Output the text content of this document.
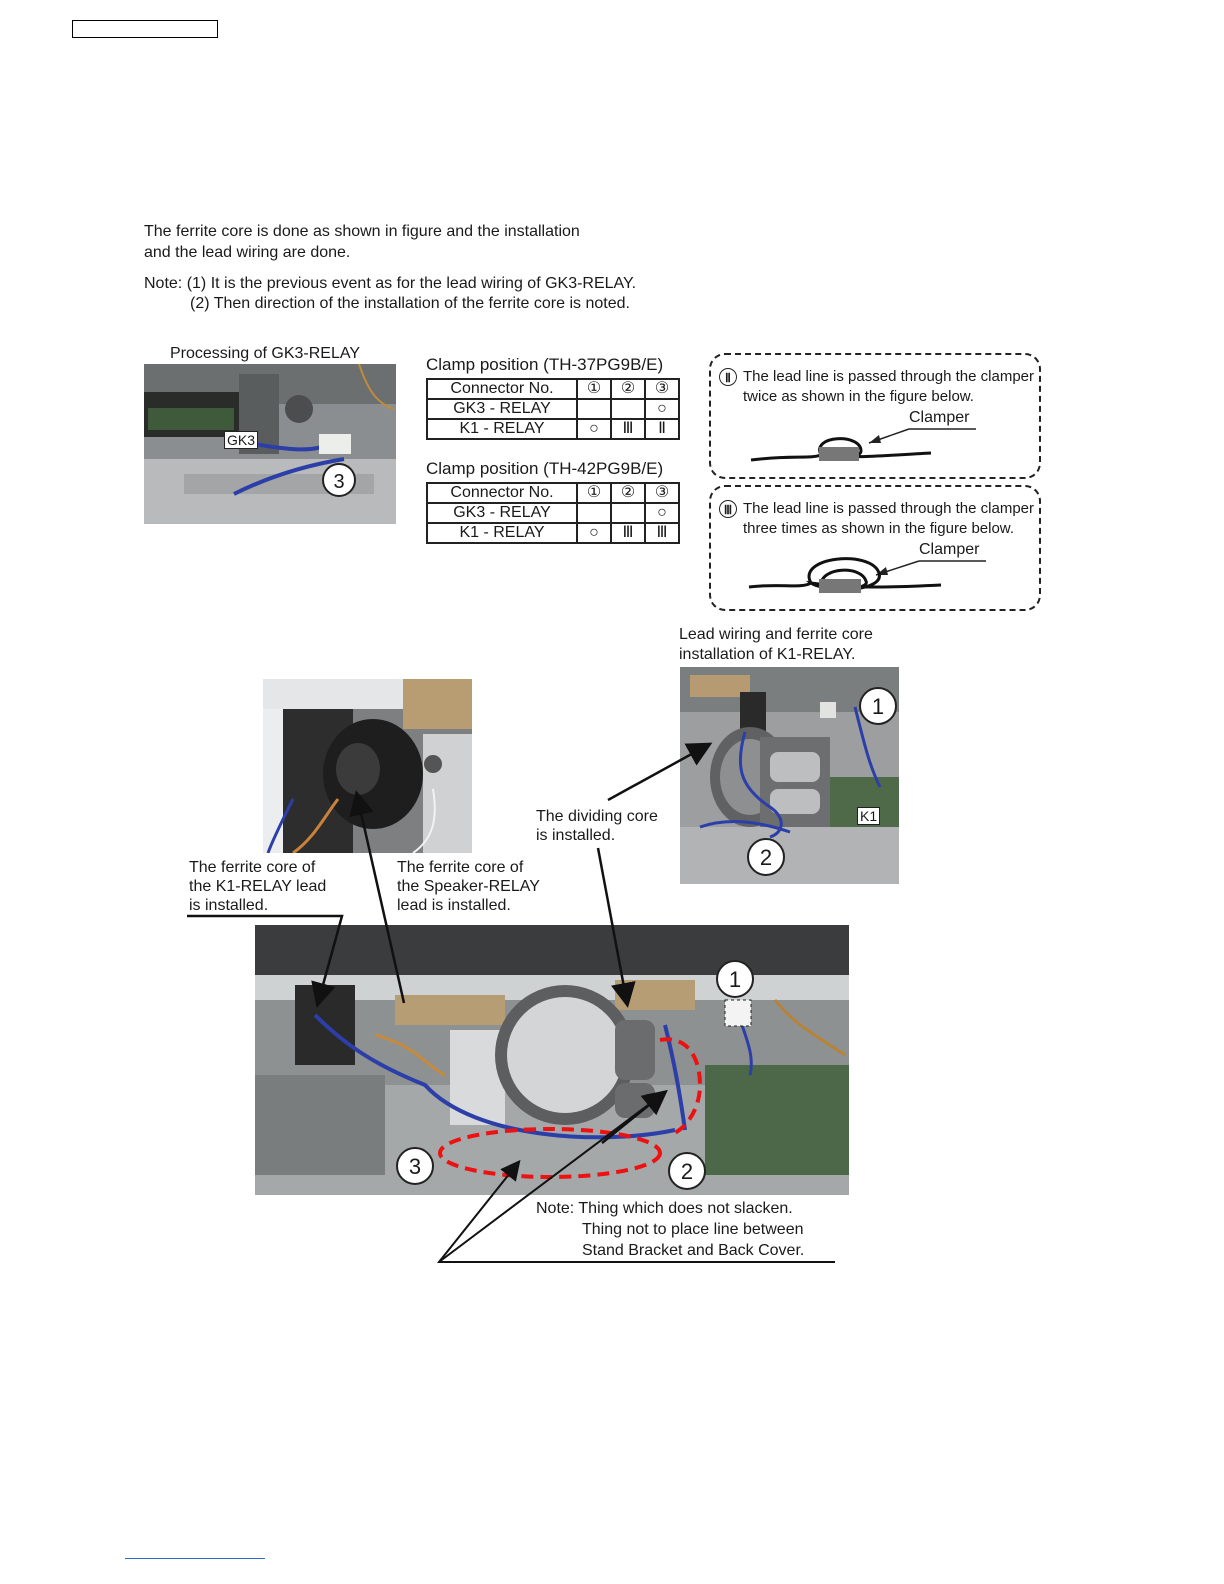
The ferrite core is done as shown in figure and the installation
and the lead wiring are done.
Note: (1) It is the previous event as for the lead wiring of GK3-RELAY.
(2) Then direction of the installation of the ferrite core is noted.
Processing of GK3-RELAY
GK3
3
Clamp position (TH-37PG9B/E)
Connector No.	①	②	③
GK3 - RELAY			○
K1 - RELAY	○	Ⅲ	Ⅱ
Clamp position (TH-42PG9B/E)
Connector No.	①	②	③
GK3 - RELAY			○
K1 - RELAY	○	Ⅲ	Ⅲ
Ⅱ The lead line is passed through the clamper
twice as shown in the figure below.
Clamper
Ⅲ The lead line is passed through the clamper
three times as shown in the figure below.
Clamper
Lead wiring and ferrite core
installation of K1-RELAY.
1
K1
2
The dividing core
is installed.
The ferrite core of
the K1-RELAY lead
is installed.
The ferrite core of
the Speaker-RELAY
lead is installed.
1
2
3
Note: Thing which does not slacken.
Thing not to place line between
Stand Bracket and Back Cover.
